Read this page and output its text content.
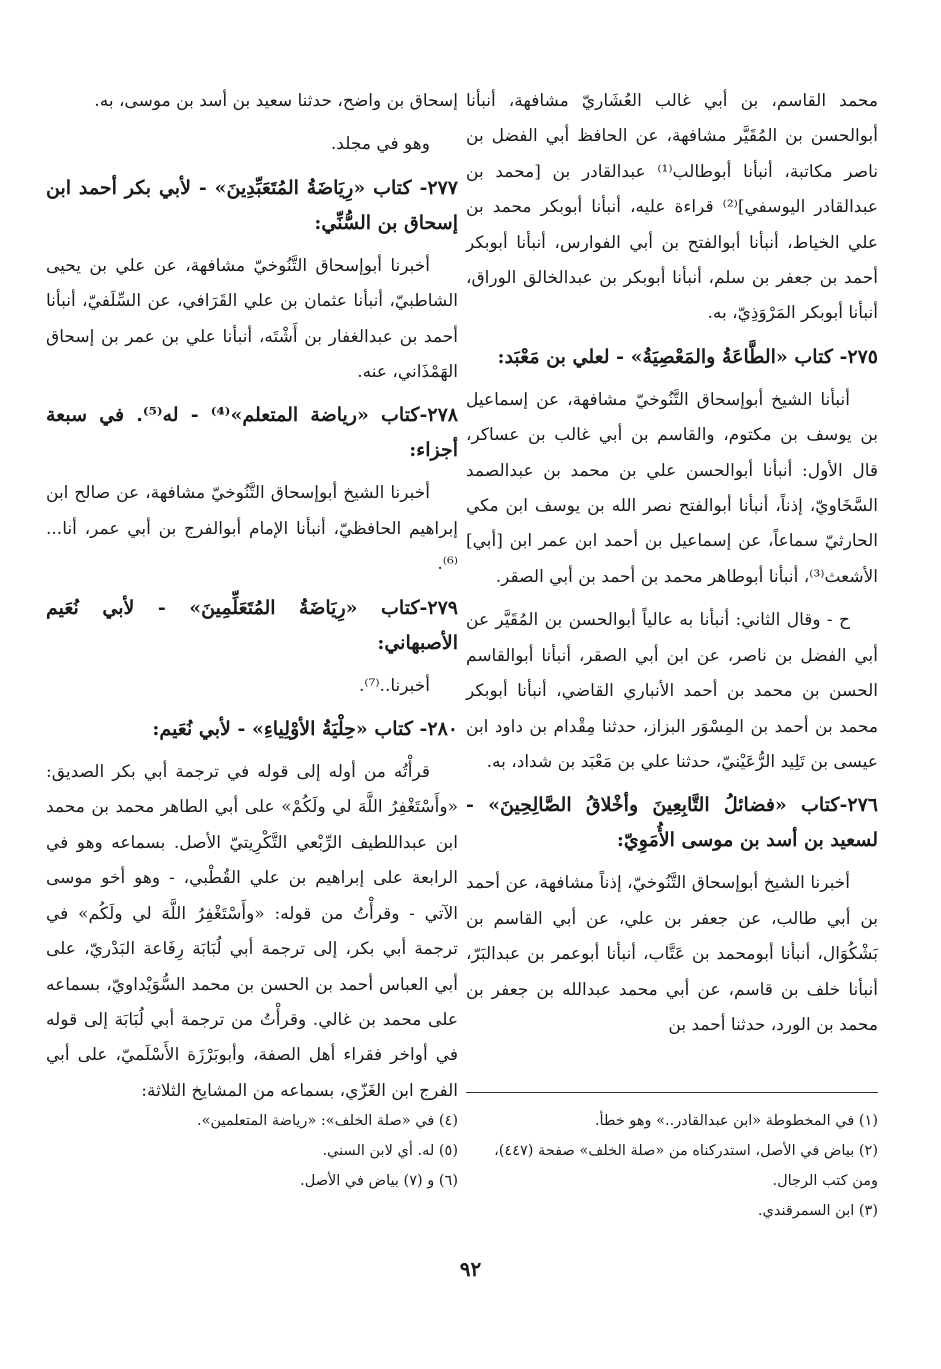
محمد القاسم، بن أبي غالب العُشَاريّ مشافهة، أنبأنا أبوالحسن بن المُقَيَّر مشافهة، عن الحافظ أبي الفضل بن ناصر مكاتبة، أنبأنا أبوطالب⁽¹⁾ عبدالقادر بن [محمد بن عبدالقادر اليوسفي]⁽²⁾ قراءة عليه، أنبأنا أبوبكر محمد بن علي الخياط، أنبأنا أبوالفتح بن أبي الفوارس، أنبأنا أبوبكر أحمد بن جعفر بن سلم، أنبأنا أبوبكر بن عبدالخالق الوراق، أنبأنا أبوبكر المَرْوَذِيّ، به.

٢٧٥- كتاب «الطَّاعَةُ والمَعْصِيَةُ» - لعلي بن مَعْبَد:

أنبأنا الشيخ أبوإسحاق التَّنُوخيّ مشافهة، عن إسماعيل بن يوسف بن مكتوم، والقاسم بن أبي غالب بن عساكر، قال الأول: أنبأنا أبوالحسن علي بن محمد بن عبدالصمد السَّخَاويّ، إذناً، أنبأنا أبوالفتح نصر الله بن يوسف ابن مكي الحارثيّ سماعاً، عن إسماعيل بن أحمد ابن عمر ابن [أبي] الأشعث⁽³⁾، أنبأنا أبوطاهر محمد بن أحمد بن أبي الصقر.

ح - وقال الثاني: أنبأنا به عالياً أبوالحسن بن المُقَيَّر عن أبي الفضل بن ناصر، عن ابن أبي الصقر، أنبأنا أبوالقاسم الحسن بن محمد بن أحمد الأنباري القاضي، أنبأنا أبوبكر محمد بن أحمد بن المِسْوَر البزاز، حدثنا مِقْدام بن داود ابن عيسى بن تَلِيد الرُّعَيْنيّ، حدثنا علي بن مَعْبَد بن شداد، به.

٢٧٦-كتاب «فضائلُ التَّابِعِينَ وأخْلاقُ الصَّالِحِينَ» - لسعيد بن أسد بن موسى الأُمَوِيّ:

أخبرنا الشيخ أبوإسحاق التَّنُوخيّ، إذناً مشافهة، عن أحمد بن أبي طالب، عن جعفر بن علي، عن أبي القاسم بن بَشْكُوَال، أنبأنا أبومحمد بن عَتَّاب، أنبأنا أبوعمر بن عبدالبَرّ، أنبأنا خلف بن قاسم، عن أبي محمد عبدالله بن جعفر بن محمد بن الورد، حدثنا أحمد بن

إسحاق بن واضح، حدثنا سعيد بن أسد بن موسى، به.

وهو في مجلد.

٢٧٧- كتاب «رِيَاضَةُ المُتَعَبِّدِينَ» - لأبي بكر أحمد ابن إسحاق بن السُّنِّي:

أخبرنا أبوإسحاق التَّنُوخيّ مشافهة، عن علي بن يحيى الشاطبيّ، أنبأنا عثمان بن علي القَرَافي، عن السِّلَفيّ، أنبأنا أحمد بن عبدالغفار بن أَشْتَه، أنبأنا علي بن عمر بن إسحاق الهَمْذَاني، عنه.

٢٧٨-كتاب «رياضة المتعلم»⁽⁴⁾ - له⁽⁵⁾. في سبعة أجزاء:

أخبرنا الشيخ أبوإسحاق التَّنُوخيّ مشافهة، عن صالح ابن إبراهيم الحافظيّ، أنبأنا الإمام أبوالفرج بن أبي عمر، أنا...⁽⁶⁾.

٢٧٩-كتاب «رِيَاضَةُ المُتَعَلِّمِينَ» - لأبي نُعَيم الأصبهاني:

أخبرنا..⁽⁷⁾.

٢٨٠- كتاب «حِلْيَةُ الأوْلِياءِ» - لأبي نُعَيم:

قرأْتُه من أوله إلى قوله في ترجمة أبي بكر الصديق: «وأَسْتَغْفِرُ اللَّهَ لي ولَكُمْ» على أبي الطاهر محمد بن محمد ابن عبداللطيف الرِّبْعي التَّكْرِيتيّ الأصل. بسماعه وهو في الرابعة على إبراهيم بن علي القُطْبي، - وهو أخو موسى الآتي - وقرأْتُ من قوله: «وأَسْتَغْفِرُ اللَّهَ لي ولَكُم» في ترجمة أبي بكر، إلى ترجمة أبي لُبَابَة رِفَاعة البَدْريّ، على أبي العباس أحمد بن الحسن بن محمد السُّوَيْداويّ، بسماعه على محمد بن غالي. وقرأْتُ من ترجمة أبي لُبَابَة إلى قوله في أواخر فقراء أهل الصفة، وأبوبَرْزَة الأَسْلَميّ، على أبي الفرج ابن الغَزّي، بسماعه من المشايخ الثلاثة:

(١) في المخطوطة «ابن عبدالقادر..» وهو خطأ.
(٢) بياض في الأصل، استدركناه من «صلة الخلف» صفحة (٤٤٧)، ومن كتب الرجال.
(٣) ابن السمرقندي.
(٤) في «صلة الخلف»: «رياضة المتعلمين».
(٥) له. أي لابن السني.
(٦) و (٧) بياض في الأصل.
٩٢
